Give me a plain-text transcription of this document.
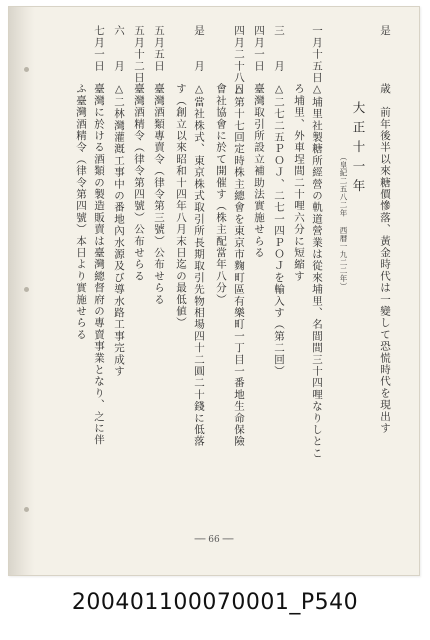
是歳　前年後半以來糖價慘落、黃金時代は一變して恐慌時代を現出す
大正十一年
（皇紀二五八二年 西暦一九二二年）
一月十五日△埔里社製糖所經營の軌道營業は從來埔里、名間間三十四哩なりしとこ
ろ埔里、外車埕間二十哩六分に短縮す
三　　月△二七二五ＰＯＪ、二七一四ＰＯＪを輸入す（第二回）
四月一日臺灣取引所設立補助法實施せらる
四月二十八日△第十七回定時株主總會を東京市麴町區有樂町一丁目一番地生命保險
會社協會に於て開催す（株主配當年八分）
是　　月△當社株式、東京株式取引所長期取引先物相場四十二圓二十錢に低落
す（創立以來昭和十四年八月末日迄の最低値）
五月五日臺灣酒類專賣令（律令第三號）公布せらる
五月十二日臺灣酒精令（律令第四號）公布せらる
六　　月△二林灣灌漑工事中の番地內水源及び導水路工事完成す
七月一日臺灣に於ける酒類の製造販賣は臺灣總督府の專賣事業となり、之に伴
ふ臺灣酒精令（律令第四號）本日より實施せらる
── 66 ──
200401100070001_P540
